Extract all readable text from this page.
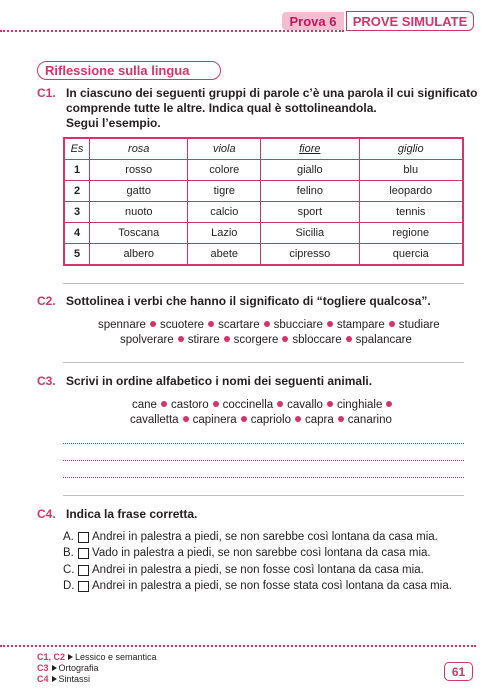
Prova 6	PROVE SIMULATE
Riflessione sulla lingua
C1. In ciascuno dei seguenti gruppi di parole c’è una parola il cui significato
comprende tutte le altre. Indica qual è sottolineandola.
Segui l’esempio.
Es	rosa	viola	fiore	giglio
1	rosso	colore	giallo	blu
2	gatto	tigre	felino	leopardo
3	nuoto	calcio	sport	tennis
4	Toscana	Lazio	Sicilia	regione
5	albero	abete	cipresso	quercia
C2. Sottolinea i verbi che hanno il significato di “togliere qualcosa”.
spennare scuotere scartare sbucciare stampare studiare
spolverare stirare scorgere sbloccare spalancare
C3. Scrivi in ordine alfabetico i nomi dei seguenti animali.
cane castoro coccinella cavallo cinghiale
cavalletta capinera capriolo capra canarino
C4. Indica la frase corretta.
A.	Andrei in palestra a piedi, se non sarebbe così lontana da casa mia.
B.	Vado in palestra a piedi, se non sarebbe così lontana da casa mia.
C.	Andrei in palestra a piedi, se non fosse così lontana da casa mia.
D.	Andrei in palestra a piedi, se non fosse stata così lontana da casa mia.
C1, C2 Lessico e semantica
C3 Ortografia
C4 Sintassi
61
